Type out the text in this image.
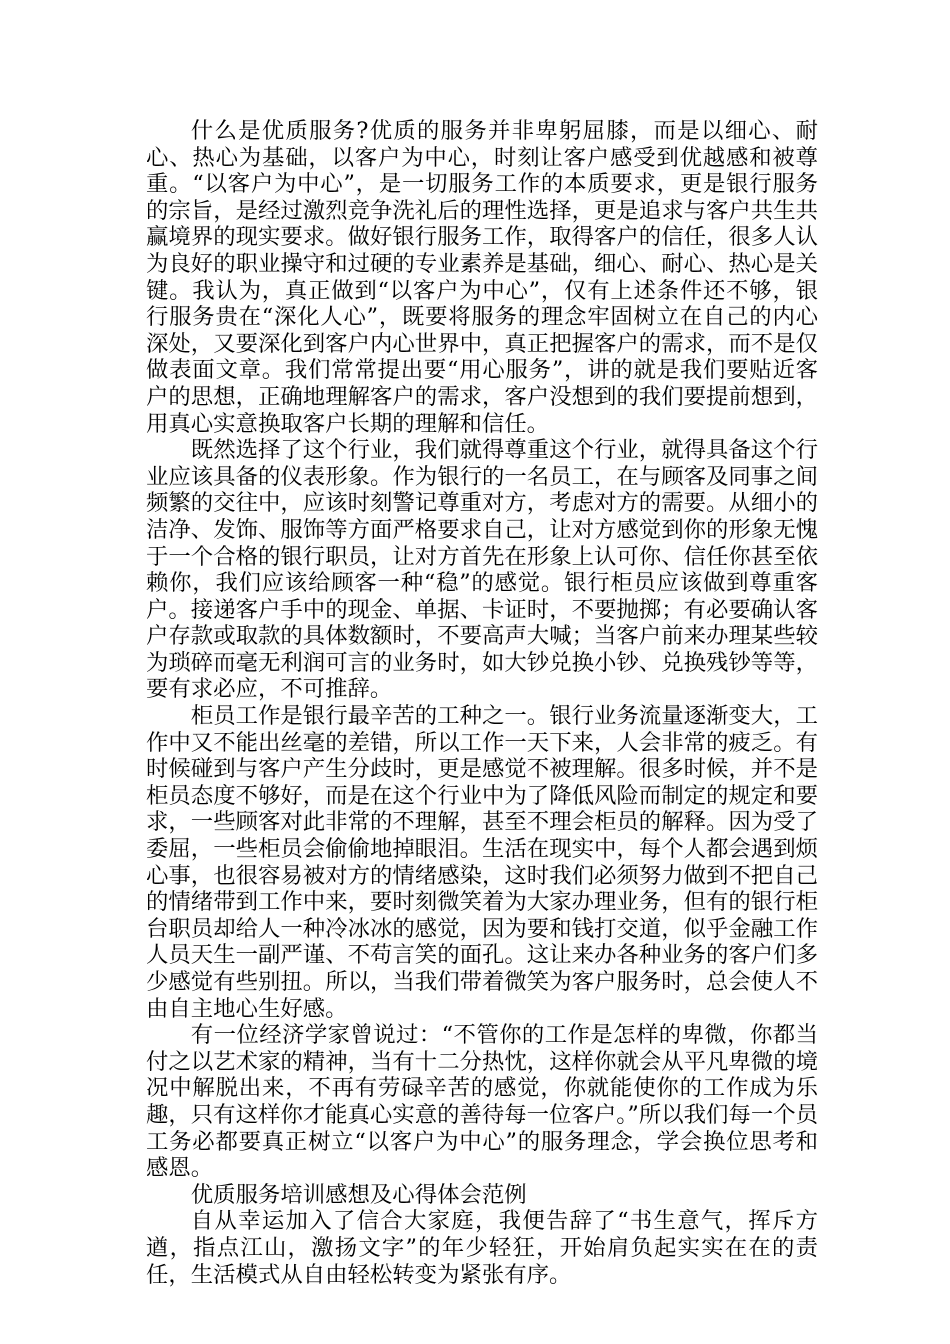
什么是优质服务?优质的服务并非卑躬屈膝，而是以细心、耐心、热心为基础，以客户为中心，时刻让客户感受到优越感和被尊重。“以客户为中心”，是一切服务工作的本质要求，更是银行服务的宗旨，是经过激烈竞争洗礼后的理性选择，更是追求与客户共生共赢境界的现实要求。做好银行服务工作，取得客户的信任，很多人认为良好的职业操守和过硬的专业素养是基础，细心、耐心、热心是关键。我认为，真正做到“以客户为中心”，仅有上述条件还不够，银行服务贵在“深化人心”，既要将服务的理念牢固树立在自己的内心深处，又要深化到客户内心世界中，真正把握客户的需求，而不是仅做表面文章。我们常常提出要“用心服务”，讲的就是我们要贴近客户的思想，正确地理解客户的需求，客户没想到的我们要提前想到，用真心实意换取客户长期的理解和信任。

既然选择了这个行业，我们就得尊重这个行业，就得具备这个行业应该具备的仪表形象。作为银行的一名员工，在与顾客及同事之间频繁的交往中，应该时刻警记尊重对方，考虑对方的需要。从细小的洁净、发饰、服饰等方面严格要求自己，让对方感觉到你的形象无愧于一个合格的银行职员，让对方首先在形象上认可你、信任你甚至依赖你，我们应该给顾客一种“稳”的感觉。银行柜员应该做到尊重客户。接递客户手中的现金、单据、卡证时，不要抛掷；有必要确认客户存款或取款的具体数额时，不要高声大喊；当客户前来办理某些较为琐碎而毫无利润可言的业务时，如大钞兑换小钞、兑换残钞等等，要有求必应，不可推辞。

柜员工作是银行最辛苦的工种之一。银行业务流量逐渐变大，工作中又不能出丝毫的差错，所以工作一天下来，人会非常的疲乏。有时候碰到与客户产生分歧时，更是感觉不被理解。很多时候，并不是柜员态度不够好，而是在这个行业中为了降低风险而制定的规定和要求，一些顾客对此非常的不理解，甚至不理会柜员的解释。因为受了委屈，一些柜员会偷偷地掉眼泪。生活在现实中，每个人都会遇到烦心事，也很容易被对方的情绪感染，这时我们必须努力做到不把自己的情绪带到工作中来，要时刻微笑着为大家办理业务，但有的银行柜台职员却给人一种冷冰冰的感觉，因为要和钱打交道，似乎金融工作人员天生一副严谨、不苟言笑的面孔。这让来办各种业务的客户们多少感觉有些别扭。所以，当我们带着微笑为客户服务时，总会使人不由自主地心生好感。

有一位经济学家曾说过：“不管你的工作是怎样的卑微，你都当付之以艺术家的精神，当有十二分热忱，这样你就会从平凡卑微的境况中解脱出来，不再有劳碌辛苦的感觉，你就能使你的工作成为乐趣，只有这样你才能真心实意的善待每一位客户。”所以我们每一个员工务必都要真正树立“以客户为中心”的服务理念，学会换位思考和感恩。

优质服务培训感想及心得体会范例

自从幸运加入了信合大家庭，我便告辞了“书生意气，挥斥方遒，指点江山，激扬文字”的年少轻狂，开始肩负起实实在在的责任，生活模式从自由轻松转变为紧张有序。
